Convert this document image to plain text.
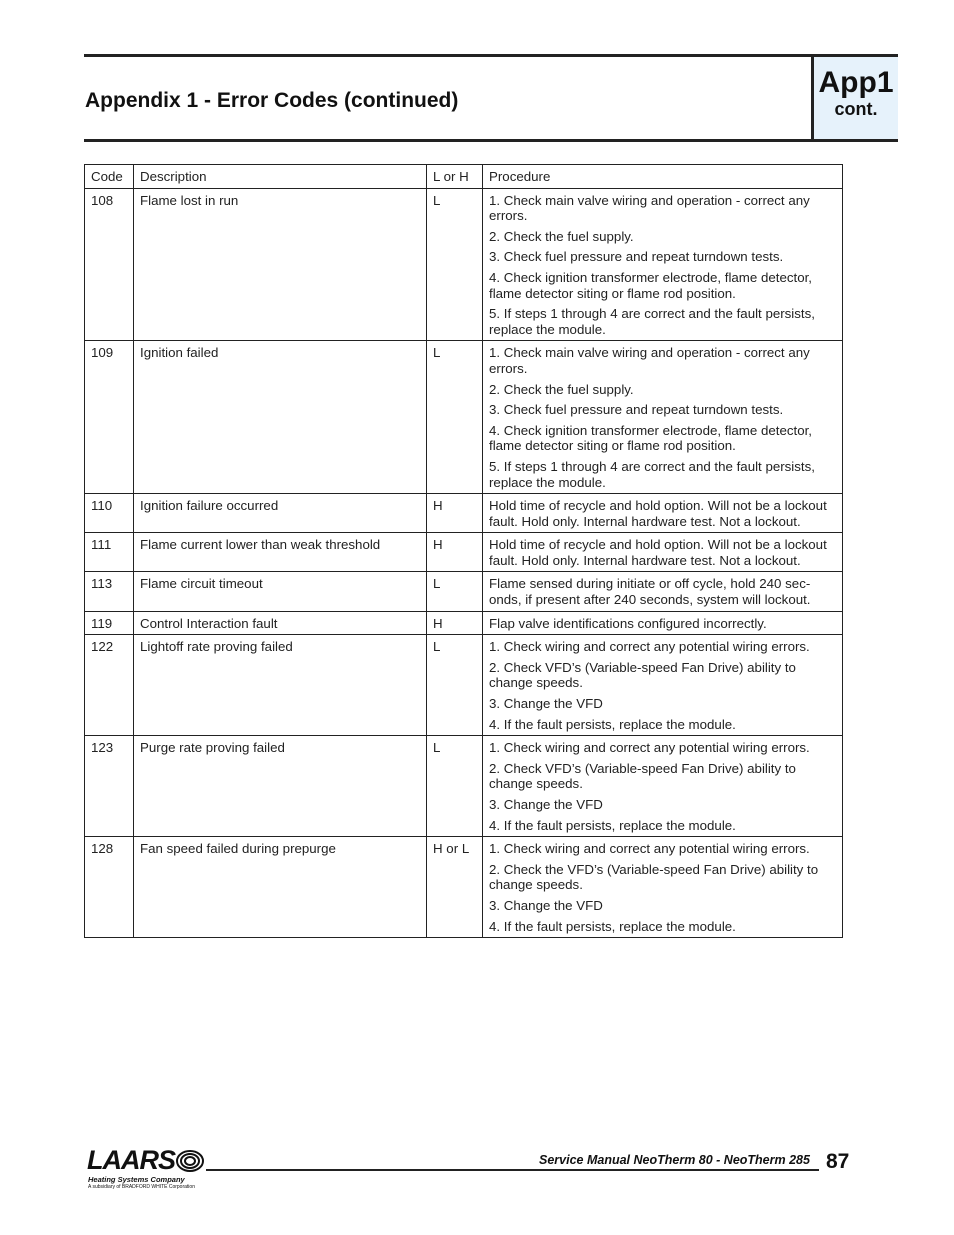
Appendix 1 - Error Codes (continued)
App1
cont.
Code	Description	L or H	Procedure
108	Flame lost in run	L	1. Check main valve wiring and operation - correct any errors.
2. Check the fuel supply.
3. Check fuel pressure and repeat turndown tests.
4. Check ignition transformer electrode, flame detector, flame detector siting or flame rod position.
5. If steps 1 through 4 are correct and the fault persists, replace the module.

109	Ignition failed	L	1. Check main valve wiring and operation - correct any errors.
2. Check the fuel supply.
3. Check fuel pressure and repeat turndown tests.
4. Check ignition transformer electrode, flame detector, flame detector siting or flame rod position.
5. If steps 1 through 4 are correct and the fault persists, replace the module.

110	Ignition failure occurred	H	Hold time of recycle and hold option. Will not be a lockout fault. Hold only. Internal hardware test. Not a lockout.

111	Flame current lower than weak threshold	H	Hold time of recycle and hold option. Will not be a lockout fault. Hold only. Internal hardware test. Not a lockout.

113	Flame circuit timeout	L	Flame sensed during initiate or off cycle, hold 240 sec-onds, if present after 240 seconds, system will lockout.

119	Control Interaction fault	H	Flap valve identifications configured incorrectly.

122	Lightoff rate proving failed	L	1. Check wiring and correct any potential wiring errors.
2. Check VFD’s (Variable-speed Fan Drive) ability to change speeds.
3. Change the VFD
4. If the fault persists, replace the module.

123	Purge rate proving failed	L	1. Check wiring and correct any potential wiring errors.
2. Check VFD’s (Variable-speed Fan Drive) ability to change speeds.
3. Change the VFD
4. If the fault persists, replace the module.

128	Fan speed failed during prepurge	H or L	1. Check wiring and correct any potential wiring errors.
2. Check the VFD’s (Variable-speed Fan Drive) ability to change speeds.
3. Change the VFD
4. If the fault persists, replace the module.
LAARS
Heating Systems Company
A subsidiary of BRADFORD WHITE Corporation
Service Manual NeoTherm 80 - NeoTherm 285 87
